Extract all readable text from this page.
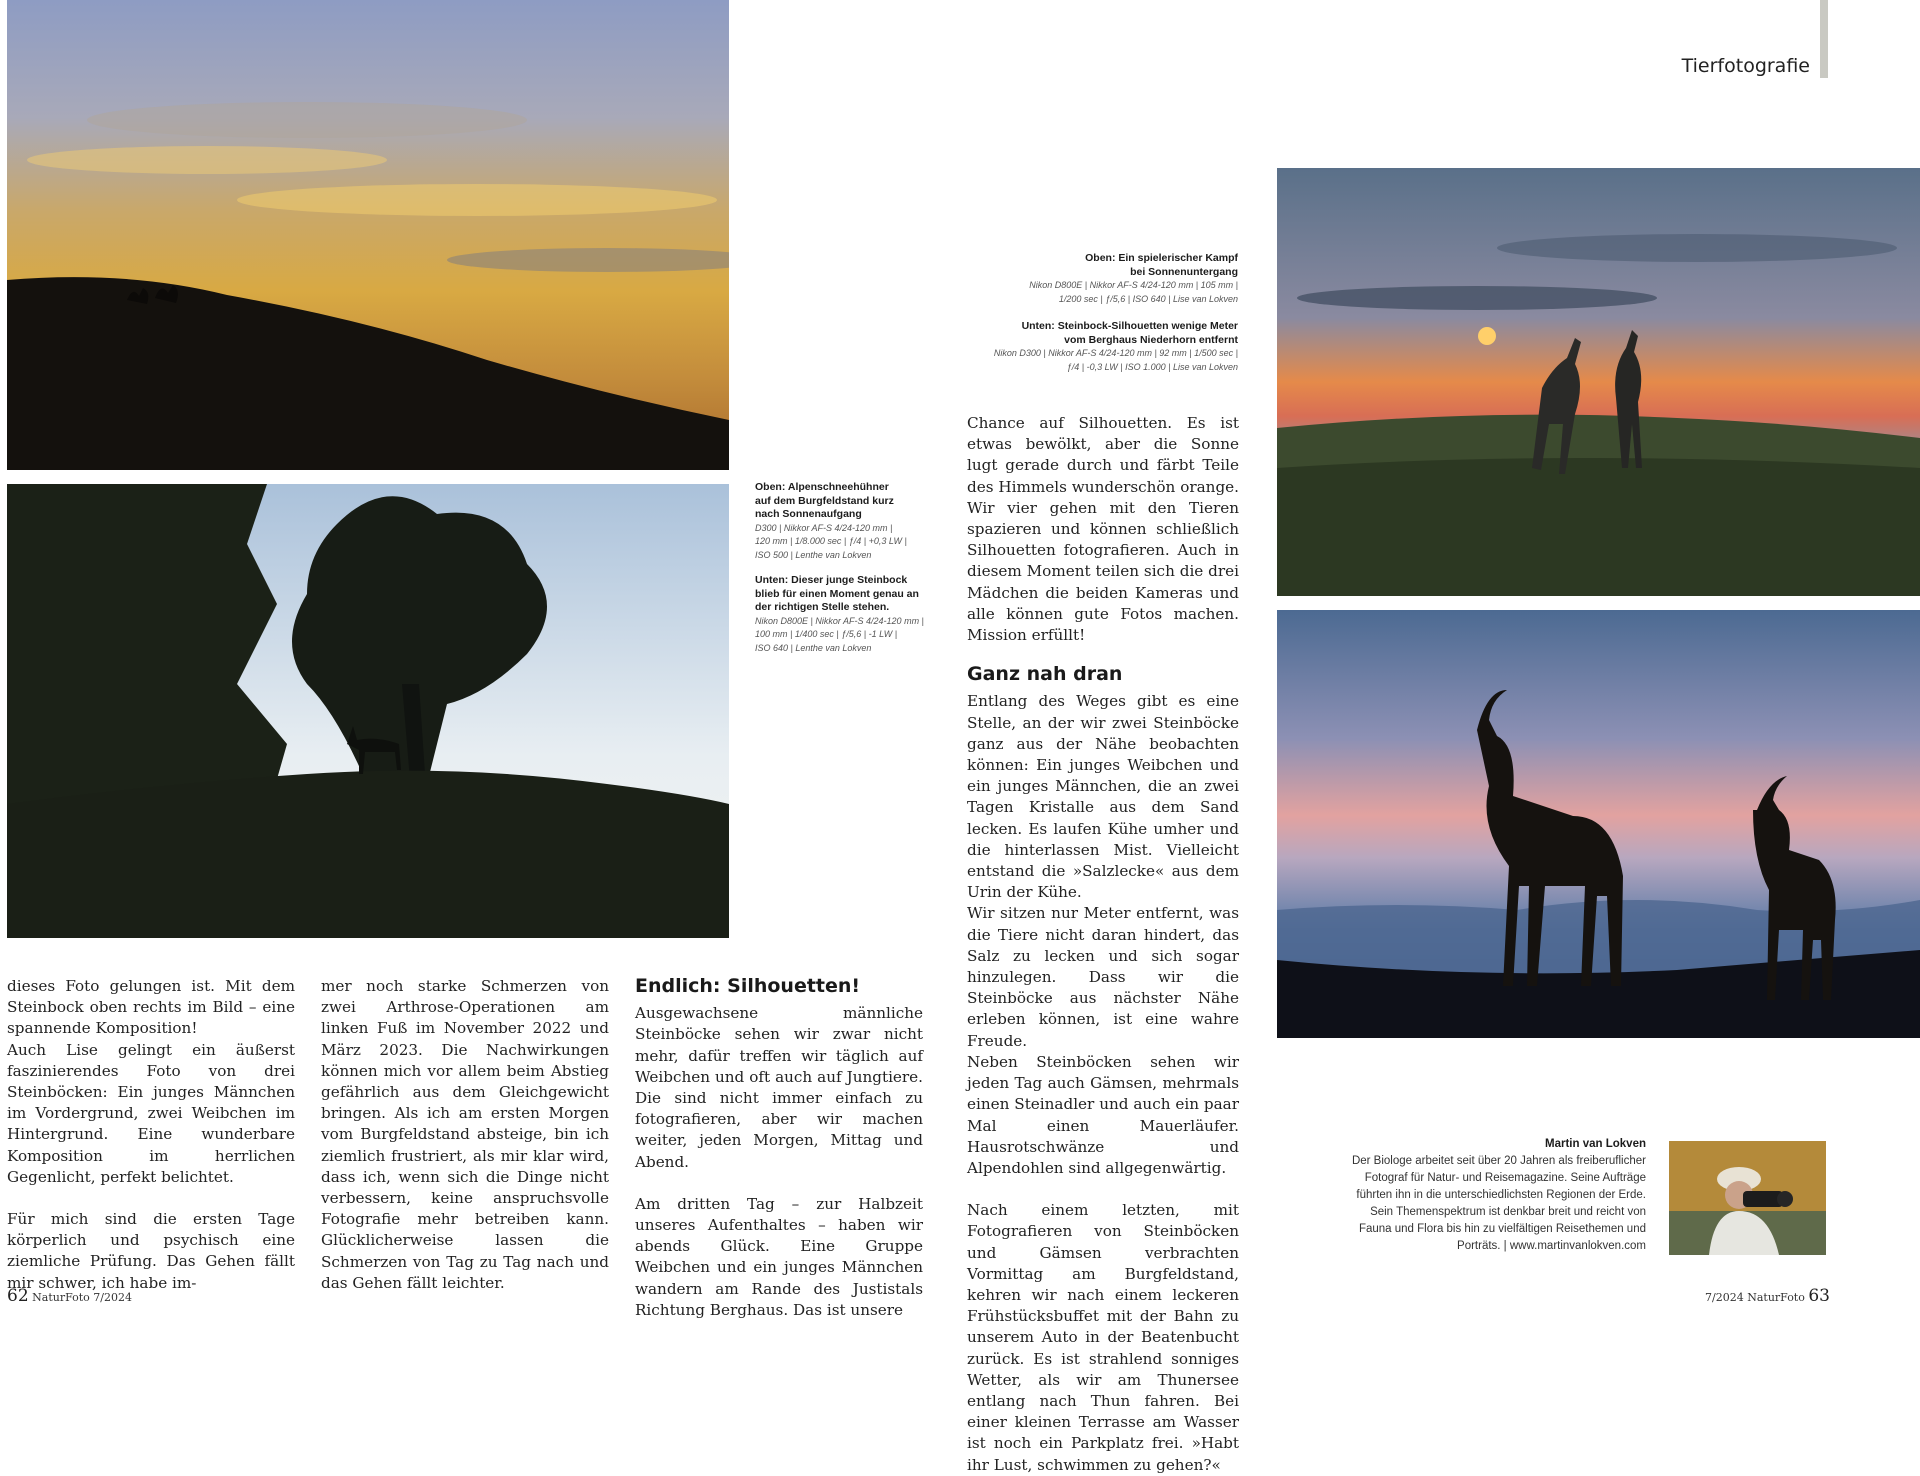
Tierfotografie
Oben: Ein spielerischer Kampf
bei Sonnenuntergang
Nikon D800E | Nikkor AF-S 4/24-120 mm | 105 mm |
1/200 sec | ƒ/5,6 | ISO 640 | Lise van Lokven
Unten: Steinbock-Silhouetten wenige Meter
vom Berghaus Niederhorn entfernt
Nikon D300 | Nikkor AF-S 4/24-120 mm | 92 mm | 1/500 sec |
ƒ/4 | -0,3 LW | ISO 1.000 | Lise van Lokven
Oben: Alpenschneehühner
auf dem Burgfeldstand kurz
nach Sonnenaufgang
D300 | Nikkor AF-S 4/24-120 mm |
120 mm | 1/8.000 sec | ƒ/4 | +0,3 LW |
ISO 500 | Lenthe van Lokven
Unten: Dieser junge Steinbock
blieb für einen Moment genau an
der richtigen Stelle stehen.
Nikon D800E | Nikkor AF-S 4/24-120 mm |
100 mm | 1/400 sec | ƒ/5,6 | -1 LW |
ISO 640 | Lenthe van Lokven

dieses Foto gelungen ist. Mit dem Steinbock oben rechts im Bild – eine spannende Komposition!

Auch Lise gelingt ein äußerst faszinierendes Foto von drei Steinböcken: Ein junges Männchen im Vordergrund, zwei Weibchen im Hintergrund. Eine wunderbare Komposition im herrlichen Gegenlicht, perfekt belichtet.

Für mich sind die ersten Tage körperlich und psychisch eine ziemliche Prüfung. Das Gehen fällt mir schwer, ich habe im-

mer noch starke Schmerzen von zwei Arthrose-Operationen am linken Fuß im November 2022 und März 2023. Die Nachwirkungen können mich vor allem beim Abstieg gefährlich aus dem Gleichgewicht bringen. Als ich am ersten Morgen vom Burgfeldstand absteige, bin ich ziemlich frustriert, als mir klar wird, dass ich, wenn sich die Dinge nicht verbessern, keine anspruchsvolle Fotografie mehr betreiben kann. Glücklicherweise lassen die Schmerzen von Tag zu Tag nach und das Gehen fällt leichter.

Endlich: Silhouetten!

Ausgewachsene männliche Steinböcke sehen wir zwar nicht mehr, dafür treffen wir täglich auf Weibchen und oft auch auf Jungtiere. Die sind nicht immer einfach zu fotografieren, aber wir machen weiter, jeden Morgen, Mittag und Abend.

Am dritten Tag – zur Halbzeit unseres Aufenthaltes – haben wir abends Glück. Eine Gruppe Weibchen und ein junges Männchen wandern am Rande des Justistals Richtung Berghaus. Das ist unsere

Chance auf Silhouetten. Es ist etwas bewölkt, aber die Sonne lugt gerade durch und färbt Teile des Himmels wunderschön orange. Wir vier gehen mit den Tieren spazieren und können schließlich Silhouetten fotografieren. Auch in diesem Moment teilen sich die drei Mädchen die beiden Kameras und alle können gute Fotos machen. Mission erfüllt!

Ganz nah dran

Entlang des Weges gibt es eine Stelle, an der wir zwei Steinböcke ganz aus der Nähe beobachten können: Ein junges Weibchen und ein junges Männchen, die an zwei Tagen Kristalle aus dem Sand lecken. Es laufen Kühe umher und die hinterlassen Mist. Vielleicht entstand die »Salzlecke« aus dem Urin der Kühe.

Wir sitzen nur Meter entfernt, was die Tiere nicht daran hindert, das Salz zu lecken und sich sogar hinzulegen. Dass wir die Steinböcke aus nächster Nähe erleben können, ist eine wahre Freude.

Neben Steinböcken sehen wir jeden Tag auch Gämsen, mehrmals einen Steinadler und auch ein paar Mal einen Mauerläufer. Hausrotschwänze und Alpendohlen sind allgegenwärtig.

Nach einem letzten, mit Fotografieren von Steinböcken und Gämsen verbrachten Vormittag am Burgfeldstand, kehren wir nach einem leckeren Frühstücksbuffet mit der Bahn zu unserem Auto in der Beatenbucht zurück. Es ist strahlend sonniges Wetter, als wir am Thunersee entlang nach Thun fahren. Bei einer kleinen Terrasse am Wasser ist noch ein Parkplatz frei. »Habt ihr Lust, schwimmen zu gehen?«

Martin van Lokven
Der Biologe arbeitet seit über 20 Jahren als freiberuflicher
Fotograf für Natur- und Reisemagazine. Seine Aufträge
führten ihn in die unterschiedlichsten Regionen der Erde.
Sein Themenspektrum ist denkbar breit und reicht von
Fauna und Flora bis hin zu vielfältigen Reisethemen und
Porträts. | www.martinvanlokven.com
62 NaturFoto 7/2024	7/2024 NaturFoto 63
